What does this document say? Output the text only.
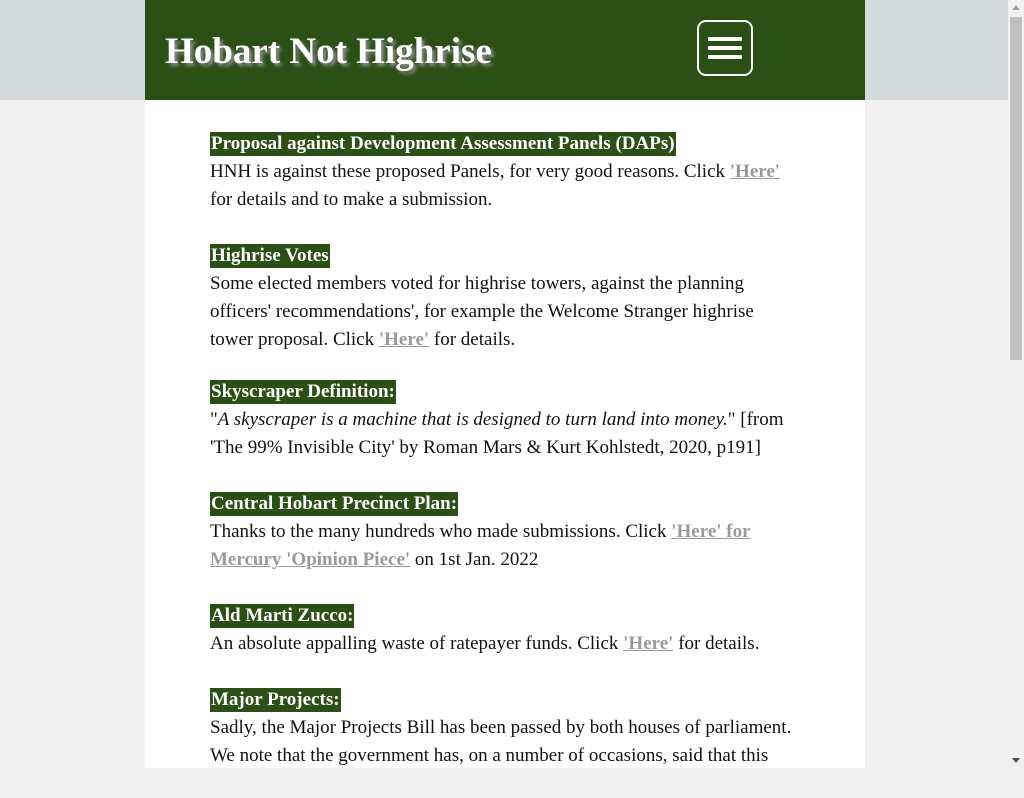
Hobart Not Highrise
Proposal against Development Assessment Panels (DAPs)

HNH is against these proposed Panels, for very good reasons. Click 'Here' for details and to make a submission.

Highrise Votes

Some elected members voted for highrise towers, against the planning officers' recommendations', for example the Welcome Stranger highrise tower proposal. Click 'Here' for details.

Skyscraper Definition:

"A skyscraper is a machine that is designed to turn land into money." [from 'The 99% Invisible City' by Roman Mars & Kurt Kohlstedt, 2020, p191]

Central Hobart Precinct Plan:

Thanks to the many hundreds who made submissions. Click 'Here' for Mercury 'Opinion Piece' on 1st Jan. 2022

Ald Marti Zucco:

An absolute appalling waste of ratepayer funds. Click 'Here' for details.

Major Projects:

Sadly, the Major Projects Bill has been passed by both houses of parliament. We note that the government has, on a number of occasions, said that this
